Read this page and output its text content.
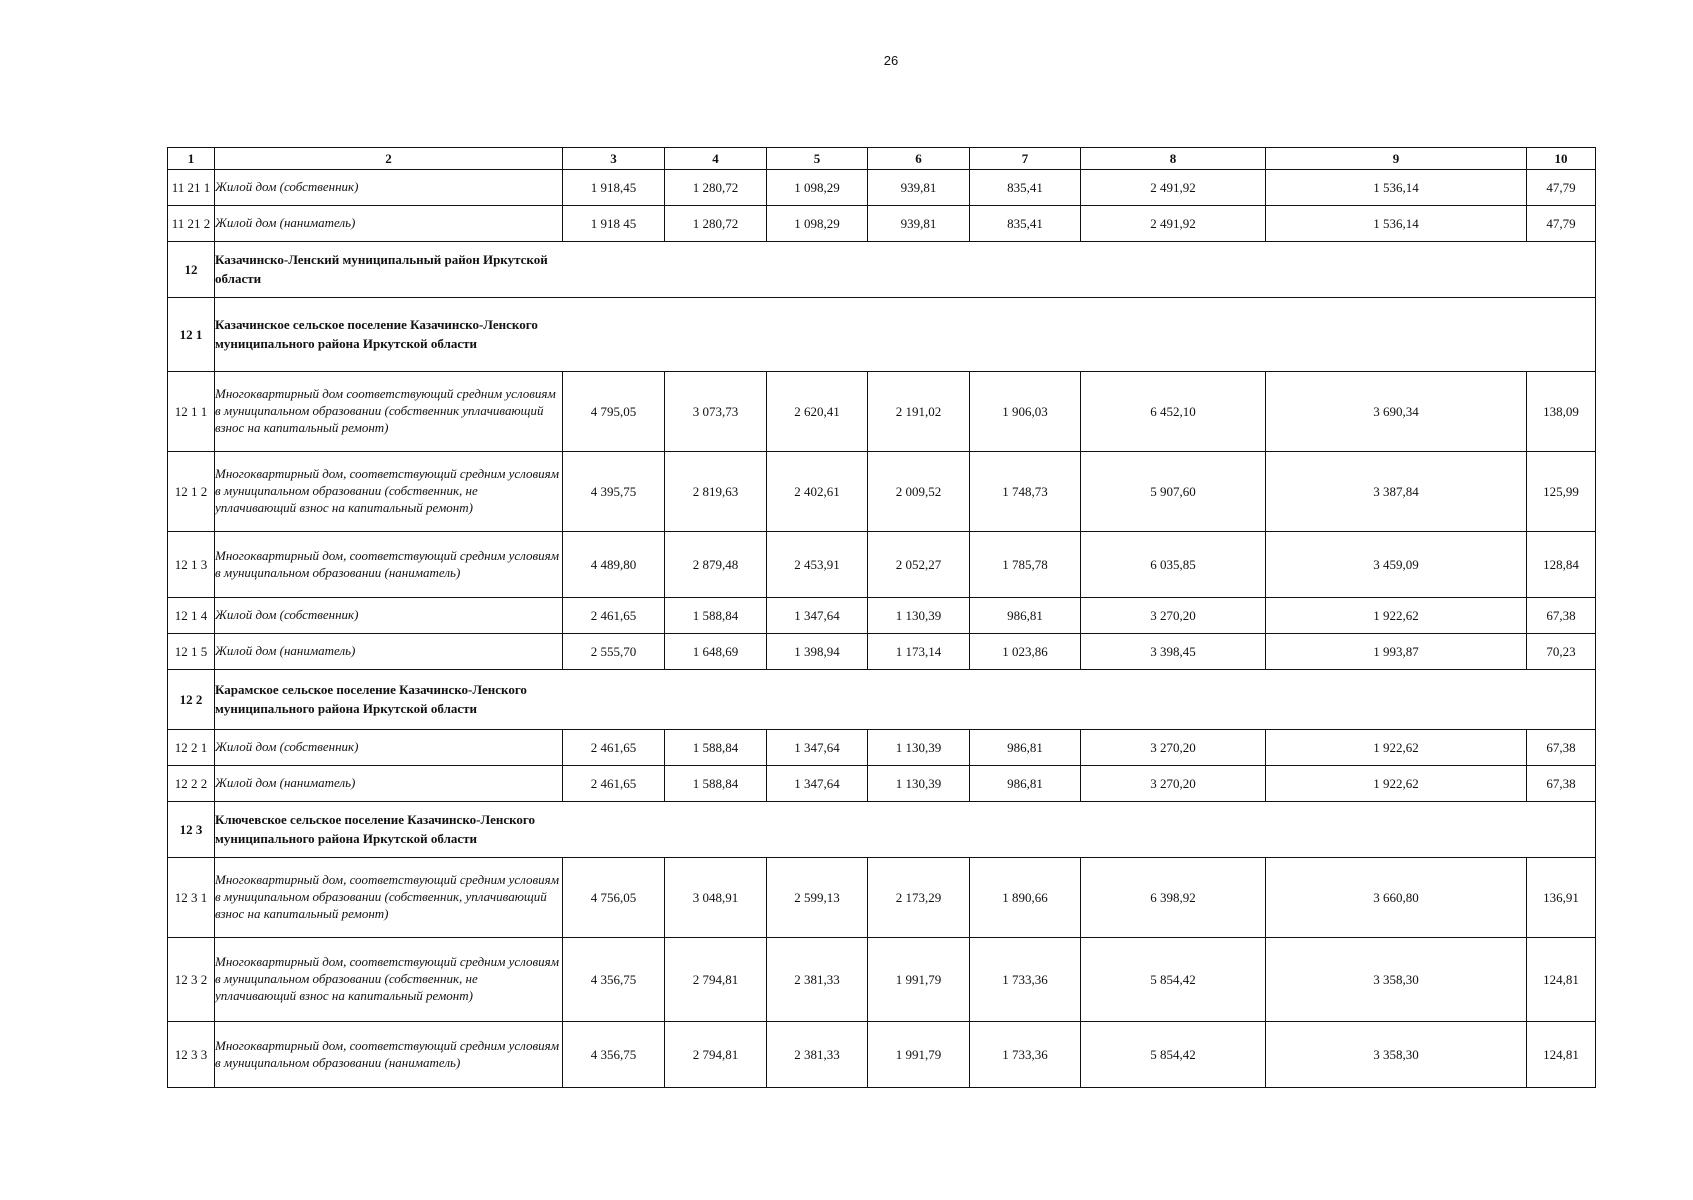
26
1	2	3	4	5	6	7	8	9	10
11 21 1	Жилой дом (собственник)	1 918,45	1 280,72	1 098,29	939,81	835,41	2 491,92	1 536,14	47,79
11 21 2	Жилой дом (наниматель)	1 918 45	1 280,72	1 098,29	939,81	835,41	2 491,92	1 536,14	47,79
12	Казачинско-Ленский муниципальный район Иркутской области								

12 1	Казачинское сельское поселение Казачинско-Ленского муниципального района Иркутской области								

12 1 1	Многоквартирный дом соответствующий средним условиям в муниципальном образовании (собственник уплачивающий взнос на капитальный ремонт)	4 795,05	3 073,73	2 620,41	2 191,02	1 906,03	6 452,10	3 690,34	138,09
12 1 2	Многоквартирный дом, соответствующий средним условиям в муниципальном образовании (собственник, не уплачивающий взнос на капитальный ремонт)	4 395,75	2 819,63	2 402,61	2 009,52	1 748,73	5 907,60	3 387,84	125,99
12 1 3	Многоквартирный дом, соответствующий средним условиям в муниципальном образовании (наниматель)	4 489,80	2 879,48	2 453,91	2 052,27	1 785,78	6 035,85	3 459,09	128,84
12 1 4	Жилой дом (собственник)	2 461,65	1 588,84	1 347,64	1 130,39	986,81	3 270,20	1 922,62	67,38
12 1 5	Жилой дом (наниматель)	2 555,70	1 648,69	1 398,94	1 173,14	1 023,86	3 398,45	1 993,87	70,23
12 2	Карамское сельское поселение Казачинско-Ленского муниципального района Иркутской области								

12 2 1	Жилой дом (собственник)	2 461,65	1 588,84	1 347,64	1 130,39	986,81	3 270,20	1 922,62	67,38
12 2 2	Жилой дом (наниматель)	2 461,65	1 588,84	1 347,64	1 130,39	986,81	3 270,20	1 922,62	67,38
12 3	Ключевское сельское поселение Казачинско-Ленского муниципального района Иркутской области								

12 3 1	Многоквартирный дом, соответствующий средним условиям в муниципальном образовании (собственник, уплачивающий взнос на капитальный ремонт)	4 756,05	3 048,91	2 599,13	2 173,29	1 890,66	6 398,92	3 660,80	136,91
12 3 2	Многоквартирный дом, соответствующий средним условиям в муниципальном образовании (собственник, не уплачивающий взнос на капитальный ремонт)	4 356,75	2 794,81	2 381,33	1 991,79	1 733,36	5 854,42	3 358,30	124,81
12 3 3	Многоквартирный дом, соответствующий средним условиям в муниципальном образовании (наниматель)	4 356,75	2 794,81	2 381,33	1 991,79	1 733,36	5 854,42	3 358,30	124,81
